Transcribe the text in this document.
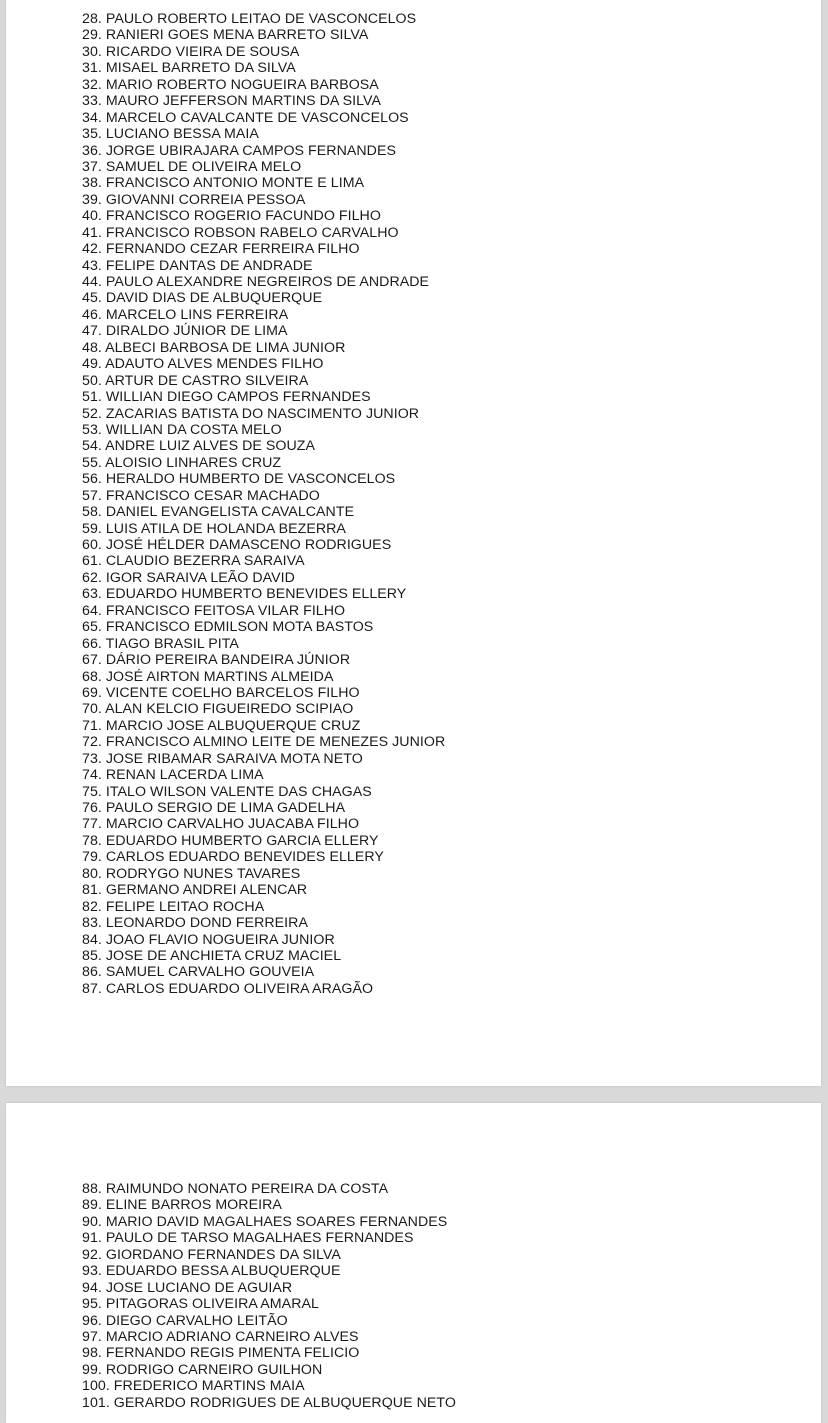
28. PAULO ROBERTO LEITAO DE VASCONCELOS
29. RANIERI GOES MENA BARRETO SILVA
30. RICARDO VIEIRA DE SOUSA
31. MISAEL BARRETO DA SILVA
32. MARIO ROBERTO NOGUEIRA BARBOSA
33. MAURO JEFFERSON MARTINS DA SILVA
34. MARCELO CAVALCANTE DE VASCONCELOS
35. LUCIANO BESSA MAIA
36. JORGE UBIRAJARA CAMPOS FERNANDES
37. SAMUEL DE OLIVEIRA MELO
38. FRANCISCO ANTONIO MONTE E LIMA
39. GIOVANNI CORREIA PESSOA
40. FRANCISCO ROGERIO FACUNDO FILHO
41. FRANCISCO ROBSON RABELO CARVALHO
42. FERNANDO CEZAR FERREIRA FILHO
43. FELIPE DANTAS DE ANDRADE
44. PAULO ALEXANDRE NEGREIROS DE ANDRADE
45. DAVID DIAS DE ALBUQUERQUE
46. MARCELO LINS FERREIRA
47. DIRALDO JÚNIOR DE LIMA
48. ALBECI BARBOSA DE LIMA JUNIOR
49. ADAUTO ALVES MENDES FILHO
50. ARTUR DE CASTRO SILVEIRA
51. WILLIAN DIEGO CAMPOS FERNANDES
52. ZACARIAS BATISTA DO NASCIMENTO JUNIOR
53. WILLIAN DA COSTA MELO
54. ANDRE LUIZ ALVES DE SOUZA
55. ALOISIO LINHARES CRUZ
56. HERALDO HUMBERTO DE VASCONCELOS
57. FRANCISCO CESAR MACHADO
58. DANIEL EVANGELISTA CAVALCANTE
59. LUIS ATILA DE HOLANDA BEZERRA
60. JOSÉ HÉLDER DAMASCENO RODRIGUES
61. CLAUDIO BEZERRA SARAIVA
62. IGOR SARAIVA LEÃO DAVID
63. EDUARDO HUMBERTO BENEVIDES ELLERY
64. FRANCISCO FEITOSA VILAR FILHO
65. FRANCISCO EDMILSON MOTA BASTOS
66. TIAGO BRASIL PITA
67. DÁRIO PEREIRA BANDEIRA JÚNIOR
68. JOSÉ AIRTON MARTINS ALMEIDA
69. VICENTE COELHO BARCELOS FILHO
70. ALAN KELCIO FIGUEIREDO SCIPIAO
71. MARCIO JOSE ALBUQUERQUE CRUZ
72. FRANCISCO ALMINO LEITE DE MENEZES JUNIOR
73. JOSE RIBAMAR SARAIVA MOTA NETO
74. RENAN LACERDA LIMA
75. ITALO WILSON VALENTE DAS CHAGAS
76. PAULO SERGIO DE LIMA GADELHA
77. MARCIO CARVALHO JUACABA FILHO
78. EDUARDO HUMBERTO GARCIA ELLERY
79. CARLOS EDUARDO BENEVIDES ELLERY
80. RODRYGO NUNES TAVARES
81. GERMANO ANDREI ALENCAR
82. FELIPE LEITAO ROCHA
83. LEONARDO DOND FERREIRA
84. JOAO FLAVIO NOGUEIRA JUNIOR
85. JOSE DE ANCHIETA CRUZ MACIEL
86. SAMUEL CARVALHO GOUVEIA
87. CARLOS EDUARDO OLIVEIRA ARAGÃO
88. RAIMUNDO NONATO PEREIRA DA COSTA
89. ELINE BARROS MOREIRA
90. MARIO DAVID MAGALHAES SOARES FERNANDES
91. PAULO DE TARSO MAGALHAES FERNANDES
92. GIORDANO FERNANDES DA SILVA
93. EDUARDO BESSA ALBUQUERQUE
94. JOSE LUCIANO DE AGUIAR
95. PITAGORAS OLIVEIRA AMARAL
96. DIEGO CARVALHO LEITÃO
97. MARCIO ADRIANO CARNEIRO ALVES
98. FERNANDO REGIS PIMENTA FELICIO
99. RODRIGO CARNEIRO GUILHON
100. FREDERICO MARTINS MAIA
101. GERARDO RODRIGUES DE ALBUQUERQUE NETO
